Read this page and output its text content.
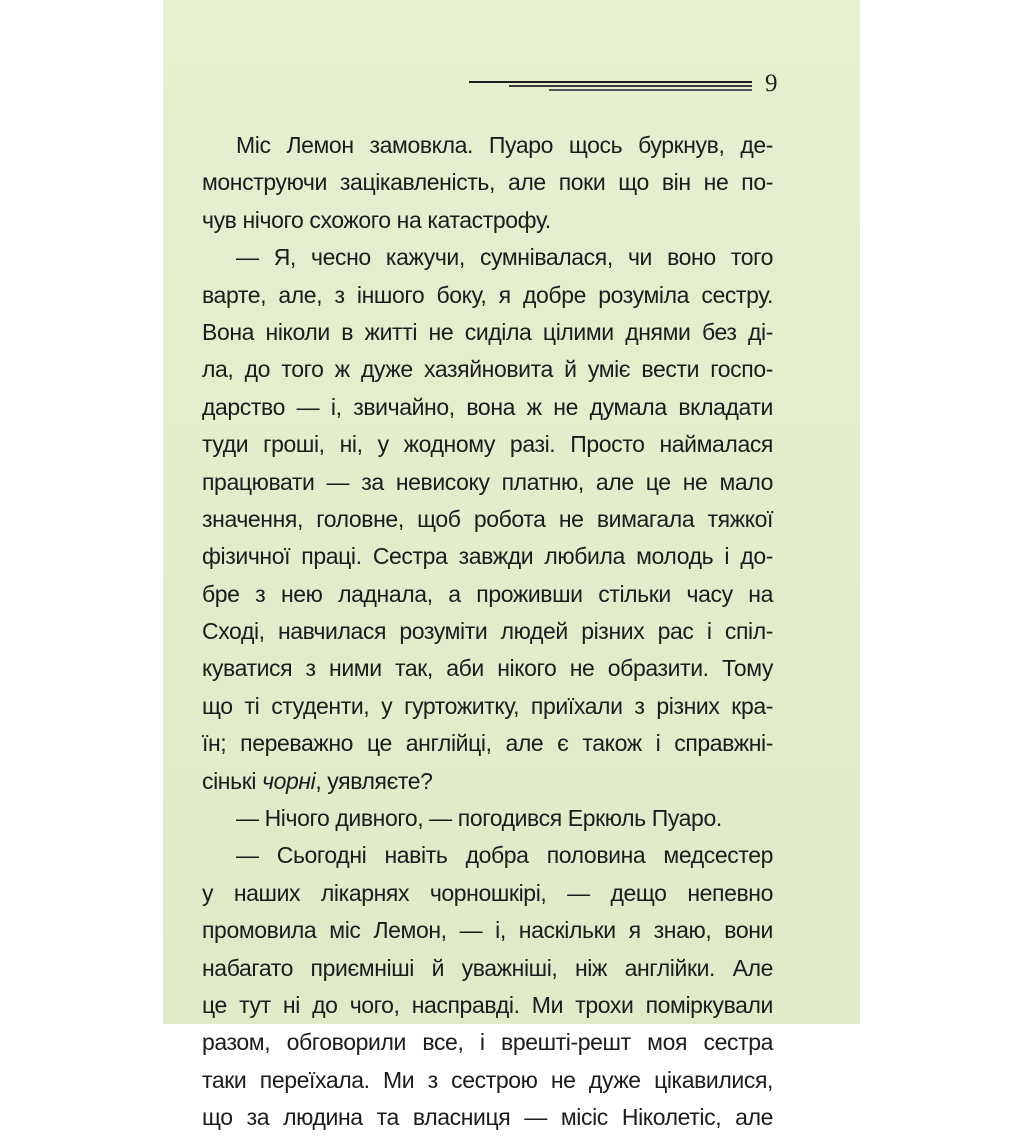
9
Міс Лемон замовкла. Пуаро щось буркнув, де-
монструючи зацікавленість, але поки що він не по-
чув нічого схожого на катастрофу.
— Я, чесно кажучи, сумнівалася, чи воно того
варте, але, з іншого боку, я добре розуміла сестру.
Вона ніколи в житті не сиділа цілими днями без ді-
ла, до того ж дуже хазяйновита й уміє вести госпо-
дарство — і, звичайно, вона ж не думала вкладати
туди гроші, ні, у жодному разі. Просто наймалася
працювати — за невисоку платню, але це не мало
значення, головне, щоб робота не вимагала тяжкої
фізичної праці. Сестра завжди любила молодь і до-
бре з нею ладнала, а проживши стільки часу на
Сході, навчилася розуміти людей різних рас і спіл-
куватися з ними так, аби нікого не образити. Тому
що ті студенти, у гуртожитку, приїхали з різних кра-
їн; переважно це англійці, але є також і справжні-
сінькі чорні, уявляєте?
— Нічого дивного, — погодився Еркюль Пуаро.
— Сьогодні навіть добра половина медсестер
у наших лікарнях чорношкірі, — дещо непевно
промовила міс Лемон, — і, наскільки я знаю, вони
набагато приємніші й уважніші, ніж англійки. Але
це тут ні до чого, насправді. Ми трохи поміркували
разом, обговорили все, і врешті-решт моя сестра
таки переїхала. Ми з сестрою не дуже цікавилися,
що за людина та власниця — місіс Ніколетіс, але
